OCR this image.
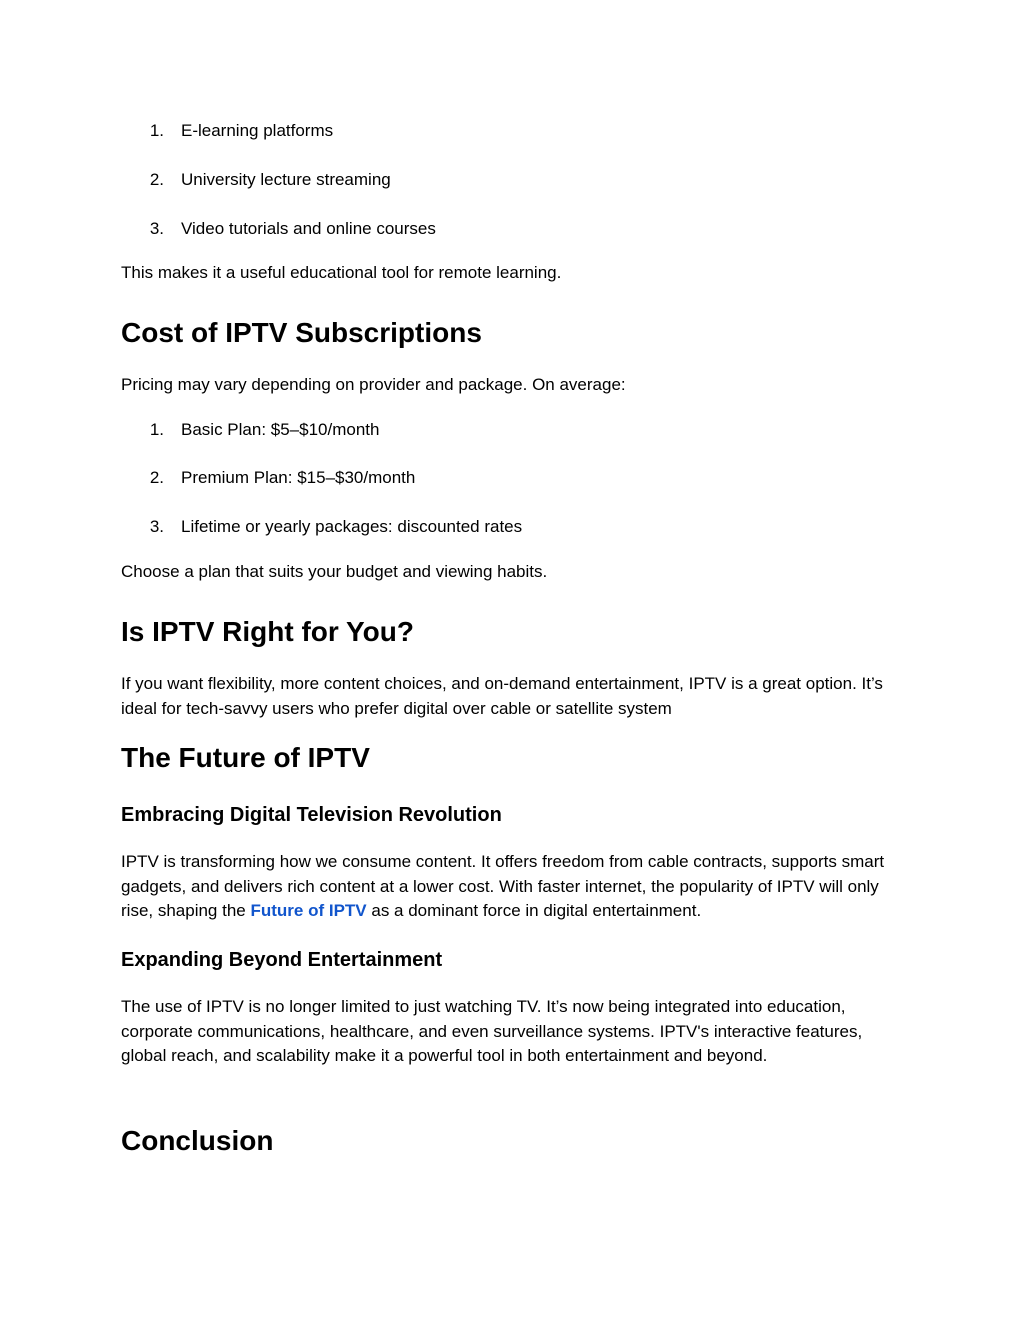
1. E-learning platforms
2. University lecture streaming
3. Video tutorials and online courses
This makes it a useful educational tool for remote learning.
Cost of IPTV Subscriptions
Pricing may vary depending on provider and package. On average:
1. Basic Plan: $5–$10/month
2. Premium Plan: $15–$30/month
3. Lifetime or yearly packages: discounted rates
Choose a plan that suits your budget and viewing habits.
Is IPTV Right for You?
If you want flexibility, more content choices, and on-demand entertainment, IPTV is a great option. It’s ideal for tech-savvy users who prefer digital over cable or satellite system
The Future of IPTV
Embracing Digital Television Revolution
IPTV is transforming how we consume content. It offers freedom from cable contracts, supports smart gadgets, and delivers rich content at a lower cost. With faster internet, the popularity of IPTV will only rise, shaping the Future of IPTV as a dominant force in digital entertainment.
Expanding Beyond Entertainment
The use of IPTV is no longer limited to just watching TV. It’s now being integrated into education, corporate communications, healthcare, and even surveillance systems. IPTV's interactive features, global reach, and scalability make it a powerful tool in both entertainment and beyond.
Conclusion
